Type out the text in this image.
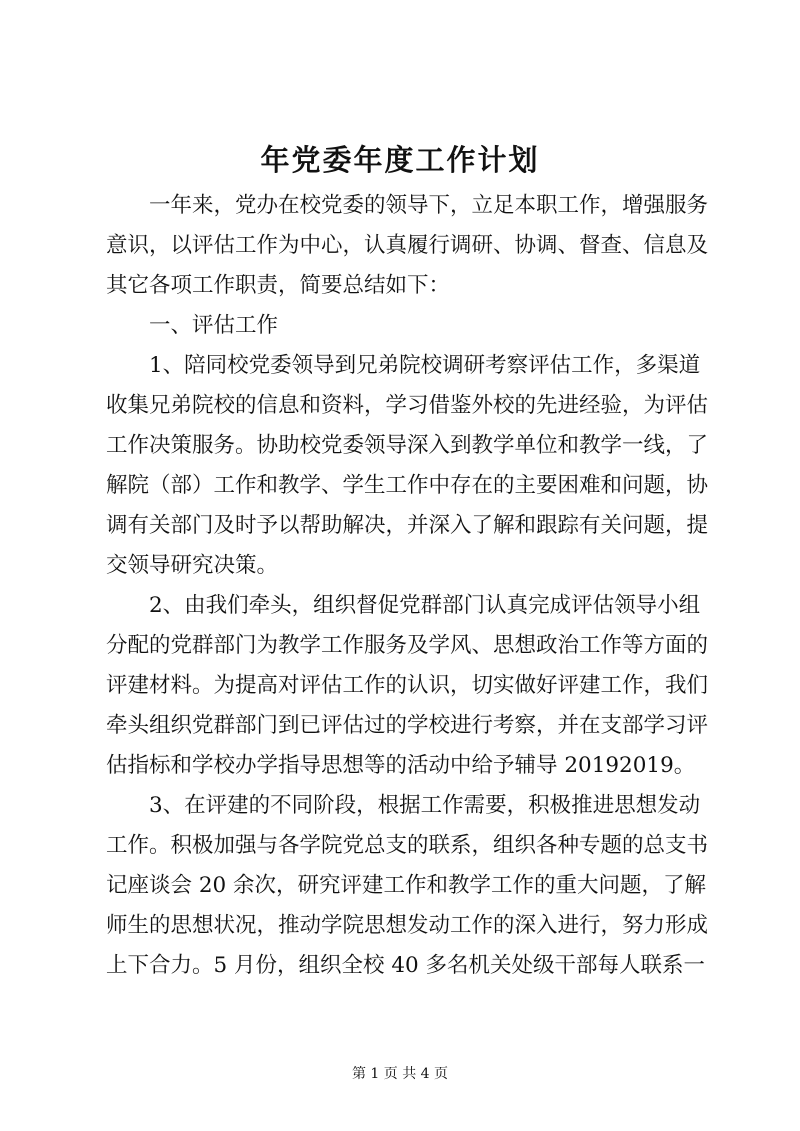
年党委年度工作计划
一年来，党办在校党委的领导下，立足本职工作，增强服务
意识，以评估工作为中心，认真履行调研、协调、督查、信息及
其它各项工作职责，简要总结如下：
一、评估工作
1、陪同校党委领导到兄弟院校调研考察评估工作，多渠道
收集兄弟院校的信息和资料，学习借鉴外校的先进经验，为评估
工作决策服务。协助校党委领导深入到教学单位和教学一线，了
解院（部）工作和教学、学生工作中存在的主要困难和问题，协
调有关部门及时予以帮助解决，并深入了解和跟踪有关问题，提
交领导研究决策。
2、由我们牵头，组织督促党群部门认真完成评估领导小组
分配的党群部门为教学工作服务及学风、思想政治工作等方面的
评建材料。为提高对评估工作的认识，切实做好评建工作，我们
牵头组织党群部门到已评估过的学校进行考察，并在支部学习评
估指标和学校办学指导思想等的活动中给予辅导 20192019。
3、在评建的不同阶段，根据工作需要，积极推进思想发动
工作。积极加强与各学院党总支的联系，组织各种专题的总支书
记座谈会 20 余次，研究评建工作和教学工作的重大问题，了解
师生的思想状况，推动学院思想发动工作的深入进行，努力形成
上下合力。5 月份，组织全校 40 多名机关处级干部每人联系一
第 1 页 共 4 页
